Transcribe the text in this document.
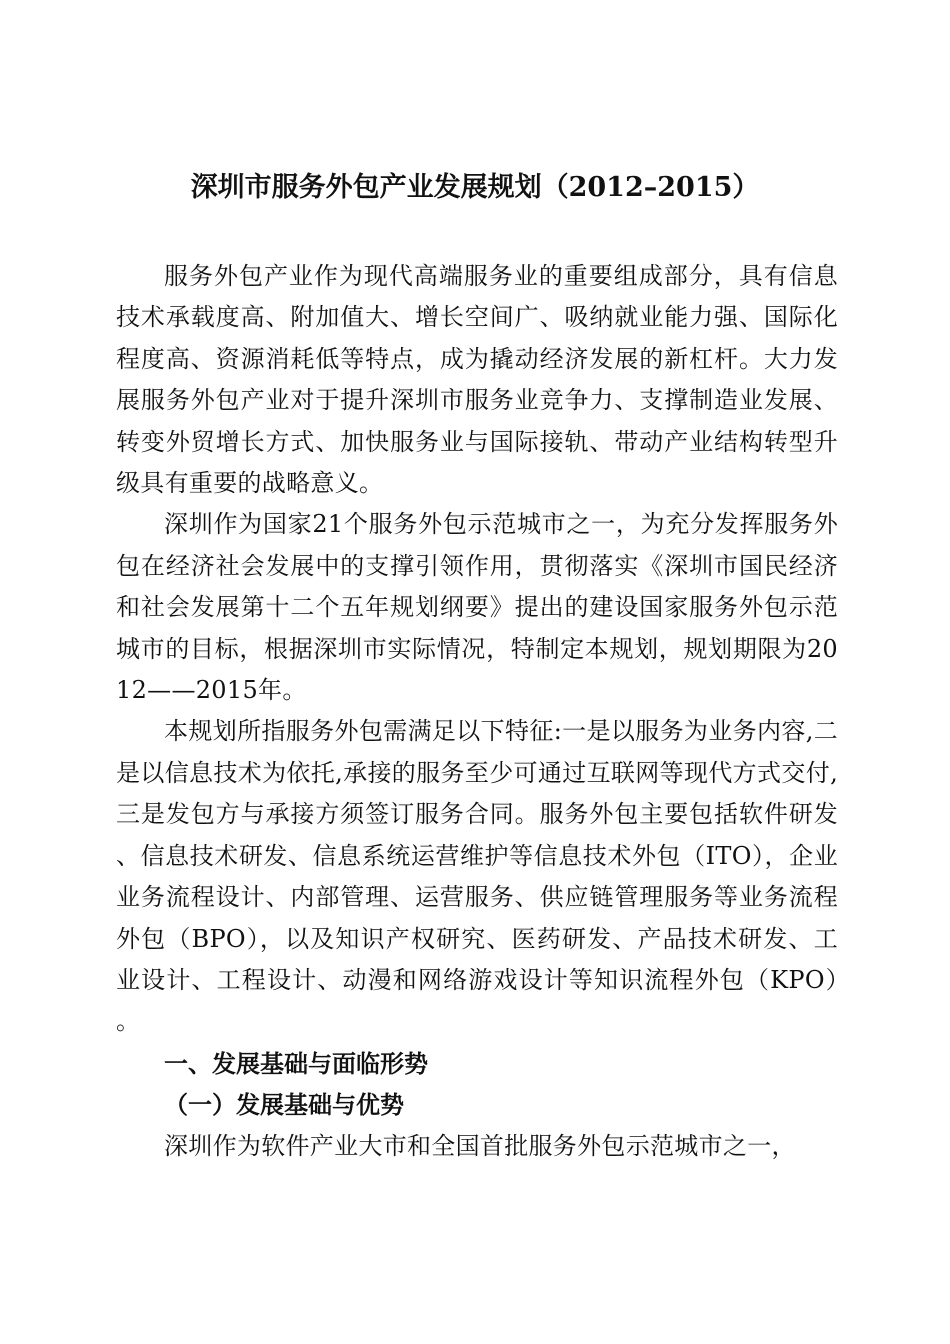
深圳市服务外包产业发展规划（2012–2015）

服务外包产业作为现代高端服务业的重要组成部分，具有信息技术承载度高、附加值大、增长空间广、吸纳就业能力强、国际化程度高、资源消耗低等特点，成为撬动经济发展的新杠杆。大力发展服务外包产业对于提升深圳市服务业竞争力、支撑制造业发展、转变外贸增长方式、加快服务业与国际接轨、带动产业结构转型升级具有重要的战略意义。

深圳作为国家21个服务外包示范城市之一，为充分发挥服务外包在经济社会发展中的支撑引领作用，贯彻落实《深圳市国民经济和社会发展第十二个五年规划纲要》提出的建设国家服务外包示范城市的目标，根据深圳市实际情况，特制定本规划，规划期限为2012——2015年。

本规划所指服务外包需满足以下特征:一是以服务为业务内容,二是以信息技术为依托,承接的服务至少可通过互联网等现代方式交付,三是发包方与承接方须签订服务合同。服务外包主要包括软件研发、信息技术研发、信息系统运营维护等信息技术外包（ITO），企业业务流程设计、内部管理、运营服务、供应链管理服务等业务流程外包（BPO），以及知识产权研究、医药研发、产品技术研发、工业设计、工程设计、动漫和网络游戏设计等知识流程外包（KPO）。

一、发展基础与面临形势

（一）发展基础与优势

深圳作为软件产业大市和全国首批服务外包示范城市之一，
